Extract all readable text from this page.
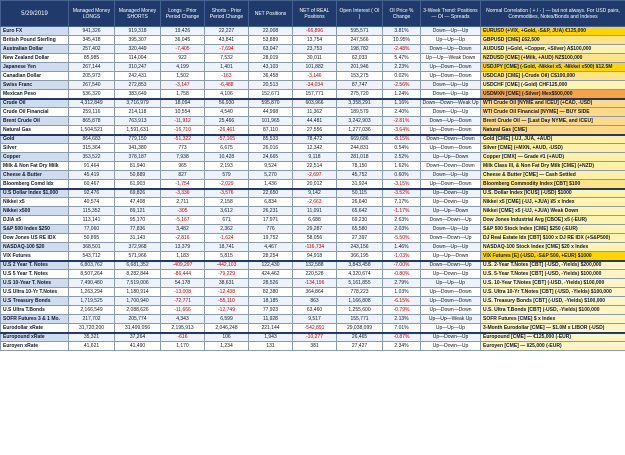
5/29/2019	Managed Money LONGS	Managed Money SHORTS	Longs - Prior Period Change	Shorts - Prior Period Change	NET Positions	NET of REAL Positions	Open Interest ( OI )	OI Price % Change	3-Week Trend: Positions — OI — Spreads	Normal Correlation ( + / - ) — but not always. For USD pairs, Commodities, Notes/Bonds and Indexes
Euro FX	941,326	919,318	19,426	22,227	22,008	-66,896	595,571	3.81%	Down—Up—Up	EURUSD (+VIX, +Gold, -S&P, JUA) €125,000
British Pound Sterling	345,418	395,307	36,045	43,841	53,889	13,754	247,566	10.95%	Up—Up—Up	GBPUSD [CME] £62,500
Australian Dollar	257,402	320,449	-7,405	-7,694	63,047	23,753	198,782	-2.48%	Down—Up—Down	AUDUSD (+Gold, +Copper, +Silver) A$100,000
New Zealand Dollar	85,985	114,004	922	7,532	28,019	30,011	62,033	5.47%	Up—Up—Weak Down	NZDUSD [CME] (+Milk, +AUD) NZ$100,000
Japanese Yen	267,144	310,247	4,199	1,401	43,103	101,882	201,946	2.23%	Up—Down—Down	USDJPY [CME] (-Gold, -Nikkei x5, -Nikkei x500) ¥12.5M
Canadian Dollar	205,973	242,431	1,502	-163	36,458	-3,146	153,275	0.02%	Up—Down—Down	USDCAD [CME] (-Crude Oil) C$100,000
Swiss Franc	267,540	272,853	-3,147	-6,488	20,513	-34,034	87,747	-2.56%	Down—Up—Up	USDCHF [CME] (-Gold) CHF125,000
Mexican Peso	536,320	383,649	1,758	4,106	152,671	157,771	275,720	1.24%	Down—Up—Up	USDMXN [CME] (-Silver) Mex$500,000
Crude Oil	4,312,849	3,716,979	18,094	56,930	595,870	603,966	3,358,291	1.16%	Down—Down—Weak Up	WTI Crude Oil [NYME and ICEU] (+CAD, -USD)
Crude Oil Financial	259,116	214,118	10,554	4,540	44,998	11,362	189,579	2.40%	Down—Up—Up	WTI Crude Oil Financial [NYME] — BUY SIDE
Brent Crude Oil	865,878	763,913	-11,912	25,466	101,965	44,481	3,242,903	-2.81%	Down—Up—Down	Brent Crude Oil — [Last Day NYME, and ICEU]
Natural Gas	1,504,521	1,591,631	-16,710	-26,461	87,110	27,556	1,277,036	-3.64%	Up—Down—Down	Natural Gas [CME]
Gold	864,683	779,150	-51,322	-57,165	85,533	78,472	669,686	-8.15%	Down—Down—Down	Gold [CME] (-UJ, JUA, +AUD)
Silver	315,364	341,380	773	6,675	26,016	12,342	244,831	0.54%	Up—Down—Down	Silver [CME] (+MXN, +AUD, -USD)
Copper	353,522	378,187	7,938	10,428	24,665	9,118	281,018	2.52%	Up—Up—Down	Copper [CMX] — Grade #1 (+AUD)
Milk & Non Fat Dry Milk	91,464	81,940	965	2,193	9,524	22,514	78,150	1.62%	Down—Down—Down	Milk Class III, & Non Fat Dry Milk [CME] (+NZD)
Cheese & Butter	45,419	50,889	827	579	5,270	-2,697	45,752	0.60%	Down—Up—Up	Cheese & Butter [CME] — Cash Settled
Bloomberg Comd Idx	60,467	61,903	-1,754	-2,029	1,436	20,012	31,924	-3.15%	Up—Down—Down	Bloomberg Commodity Index [CBT] $100
U.S Dollar Index $1,000	92,476	69,826	-3,336	-3,576	22,650	9,142	50,115	-3.52%	Up—Down—Up	U.S. Dollar Index [ICUS] (-USD) $1000
Nikkei x5	40,574	47,408	2,711	2,158	6,834	-2,663	26,640	7.17%	Up—Down—Up	Nikkei x5 [CME] (-UJ, +JUA) ¥5 x Index
Nikkei x500	115,352	89,121	-305	3,612	26,231	11,091	65,642	-1.17%	Up—Up—Down	Nikkei [CME] x5 (-UJ, +JUA) Weak Down
DJIA x5	113,141	95,170	-5,167	671	17,971	6,688	69,230	2.63%	Down—Down—Up	Dow Jones Industrial Avg [CBOE] x5 (-EUR)
S&P 500 Index $250	77,060	77,836	3,482	2,362	776	29,287	65,580	2.03%	Down—Up—Up	S&P 500 Stock Index [CME] $250 (-EUR)
Dow Jones US RE IDX	50,895	31,143	-2,816	-1,624	19,752	58,056	27,397	-5.50%	Down—Down—Up	DJ Real Estate Idx [CBT] $100 x DJ RE IDX (+S&P500)
NASDAQ-100 $20	368,501	372,968	13,379	18,741	4,467	-116,734	243,156	1.46%	Down—Up—Up	NASDAQ-100 Stock Index [CME] $20 x Index
VIX Futures	543,712	571,966	1,183	5,815	28,254	94,918	366,195	-1.03%	Up—Up—Down	VIX Futures [E] (-USD, -S&P 500, +EUR) $1000
U.S 2 Year T. Notes	6,803,762	6,681,352	-409,297	-442,103	122,430	132,588	3,843,458	-7.00%	Down—Down—Up	U.S. 2-Year T.Notes [CBT] (-USD, -Yields) $200,000
U.S 5 Year T. Notes	8,507,264	8,282,844	-86,444	-79,229	424,462	220,528	4,320,674	-0.80%	Up—Down—Up	U.S. 5-Year T.Notes [CBT] (-USD, -Yields) $100,000
U.S 10-Year T. Notes	7,490,480	7,519,006	54,178	38,631	28,526	-134,196	5,161,855	2.79%	Up—Up—Up	U.S. 10-Year T.Notes [CBT] (-USD, -Yields) $100,000
U.S Ultra 10-Yr T.Notes	1,263,294	1,180,914	-13,008	-12,438	82,380	364,864	778,223	1.03%	Up—Down—Down	U.S. Ultra 10-Yr T.Notes [CBT] (-USD, -Yields) $100,000
U.S Treasury Bonds	1,719,525	1,700,940	-72,771	-55,110	18,185	863	1,166,808	-6.15%	Up—Down—Down	U.S. Treasury Bonds [CBT] (-USD, -Yields) $100,000
U.S Ultra T.Bonds	2,166,549	2,088,626	-11,666	-12,749	77,923	63,460	1,255,600	-0.79%	Up—Down—Down	U.S. Ultra T.Bonds [CBT] (-USD, -Yields) $100,000
SOFR Futures 3 & 1 Mo.	217,702	205,774	4,343	6,599	11,928	9,517	155,771	2.13%	Up—Up—Weak Up	SOFR Futures [CME] $ x Index
Eurodollar xRate	31,720,200	31,499,056	2,195,913	2,046,248	221,144	-542,891	29,038,099	7.01%	Up—Up—Up	3-Month Eurodollar [CME] — $1.0M x LIBOR (-USD)
Europound xRate	35,321	37,264	-616	106	1,943	-10,277	26,465	-0.87%	Up—Down—Up	Europound [CME] — €125,000 (-EUR)
Euroyen xRate	41,621	41,490	1,170	1,234	131	381	27,427	2.34%	Up—Down—Up	Euroyen [CME] — ¥25,000 (-EUR)
